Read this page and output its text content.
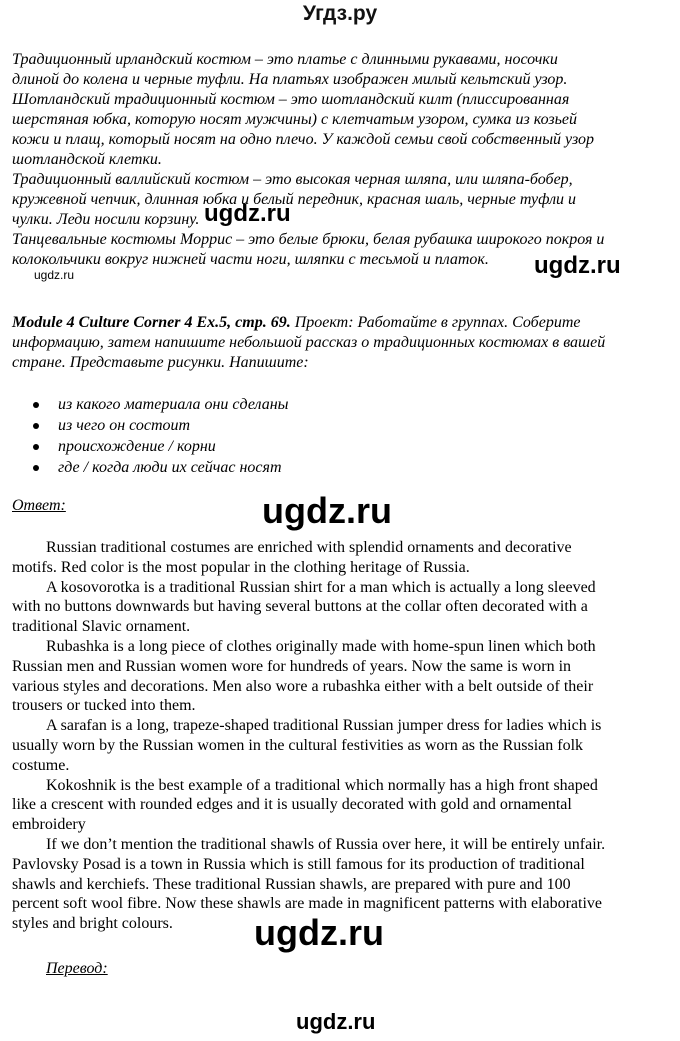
Угдз.ру
Традиционный ирландский костюм – это платье с длинными рукавами, носочки
длиной до колена и черные туфли. На платьях изображен милый кельтский узор.
Шотландский традиционный костюм – это шотландский килт (плиссированная
шерстяная юбка, которую носят мужчины) с клетчатым узором, сумка из козьей
кожи и плащ, который носят на одно плечо. У каждой семьи свой собственный узор
шотландской клетки.
Традиционный валлийский костюм – это высокая черная шляпа, или шляпа-бобер,
кружевной чепчик, длинная юбка и белый передник, красная шаль, черные туфли и
чулки. Леди носили корзину.
Танцевальные костюмы Моррис – это белые брюки, белая рубашка широкого покроя и
колокольчики вокруг нижней части ноги, шляпки с тесьмой и платок.
ugdz.ru
ugdz.ru	ugdz.ru
Module 4 Culture Corner 4 Ex.5, стр. 69. Проект: Работайте в группах. Соберите
информацию, затем напишите небольшой рассказ о традиционных костюмах в вашей
стране. Представьте рисунки. Напишите:
из какого материала они сделаны
из чего он состоит
происхождение / корни
где / когда люди их сейчас носят
Ответ:	ugdz.ru
Russian traditional costumes are enriched with splendid ornaments and decorative
motifs. Red color is the most popular in the clothing heritage of Russia.
A kosovorotka is a traditional Russian shirt for a man which is actually a long sleeved
with no buttons downwards but having several buttons at the collar often decorated with a
traditional Slavic ornament.
Rubashka is a long piece of clothes originally made with home-spun linen which both
Russian men and Russian women wore for hundreds of years. Now the same is worn in
various styles and decorations. Men also wore a rubashka either with a belt outside of their
trousers or tucked into them.
A sarafan is a long, trapeze-shaped traditional Russian jumper dress for ladies which is
usually worn by the Russian women in the cultural festivities as worn as the Russian folk
costume.
Kokoshnik is the best example of a traditional which normally has a high front shaped
like a crescent with rounded edges and it is usually decorated with gold and ornamental
embroidery
If we don’t mention the traditional shawls of Russia over here, it will be entirely unfair.
Pavlovsky Posad is a town in Russia which is still famous for its production of traditional
shawls and kerchiefs. These traditional Russian shawls, are prepared with pure and 100
percent soft wool fibre. Now these shawls are made in magnificent patterns with elaborative
styles and bright colours.	ugdz.ru
Перевод:
ugdz.ru
